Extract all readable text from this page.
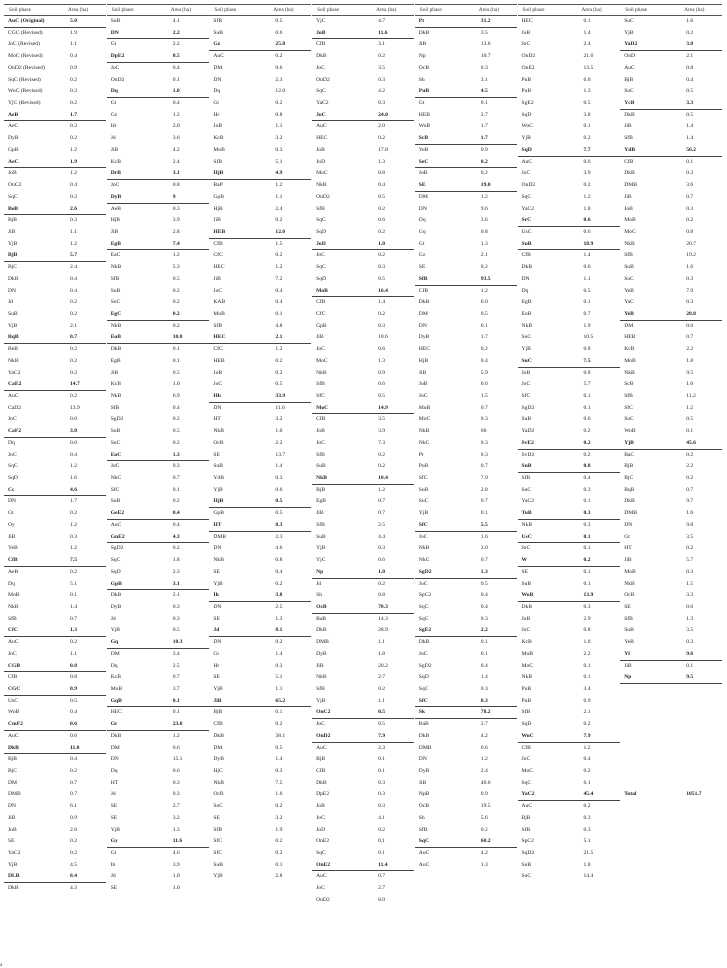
Soil phase	Area (ha)
AuC (Original)	5.0
CGC (Revised)	1.9
JoC (Revised)	1.1
MoC (Revised)	0.4
OnD2 (Revised)	0.9
SqC (Revised)	0.2
WoC (Revised)	0.3
YjC (Revised)	0.2
AeB	1.7
AeC	0.3
DyB	0.2
GpB	1.2
AeC	1.9
JoB	1.2
OnC2	0.4
SqC	0.3
BeB	2.6
BjB	0.3
JiB	1.1
YjB	1.2
BjB	5.7
BjC	2.4
DkB	0.4
DN	0.4
Jd	0.2
SuB	0.2
YjB	2.1
BqB	0.7
BeB	0.2
NkB	0.2
YaC2	0.3
CaE2	14.7
AuC	0.2
CaD2	13.9
JoC	0.6
CaF2	3.8
Dq	0.6
JoC	0.4
SqC	1.2
SqD	1.6
Cc	4.6
DN	1.7
Gt	0.2
Oy	1.2
JiB	0.3
YeB	1.2
CfB	7.5
AeB	0.2
Dq	5.1
MoB	0.1
NkB	1.4
SfB	0.7
CfC	1.3
AuC	0.2
JoC	1.1
CGB	0.8
CfB	0.8
CGC	0.9
UsC	0.5
WoB	0.4
CmF2	0.6
AuC	0.6
DkB	11.0
BjB	0.4
BjC	0.2
DM	0.7
DMB	0.7
DN	6.1
JiB	0.9
JoB	2.6
SE	0.2
YaC2	0.2
YjB	4.5
DLB	8.4
DkB	4.3
Soil phase	Area (ha)
SuB	4.1
DN	2.2
Gt	2.2
DpE2	0.5
JoC	0.4
OnD2	0.1
Dq	1.0
Gt	0.4
Gz	1.2
Hr	2.0
Jd	3.6
JiB	4.2
KcB	2.4
DrB	3.1
JoC	0.8
DyB	9
AeB	0.3
HjB	3.9
JiB	2.8
EgB	7.4
EaC	1.2
NkB	5.3
SfB	0.5
SuB	0.2
SuC	0.2
EgC	0.2
NkB	0.2
EoB	10.8
DkB	0.1
EgB	0.1
JiB	0.5
KcB	1.0
NkB	6.9
SfB	0.4
SgD2	0.2
SuB	0.5
SuC	0.2
EoC	1.3
JoC	0.3
NkC	0.7
SfC	0.1
SuB	0.2
GeE2	0.4
AuC	0.4
GnE2	4.3
SgD2	0.2
SqC	1.8
SqD	2.3
GpB	3.1
DkB	2.1
DyB	0.3
Jd	0.3
YjB	0.5
Gq	10.3
DM	3.4
Dq	2.5
KcB	0.7
MoB	3.7
GqB	0.1
HEC	0.1
Gt	23.0
DkB	1.2
DM	0.6
DN	15.1
Dq	0.6
HT	0.3
Jd	0.3
SE	2.7
SE	3.2
YjB	1.3
Gy	11.6
Gt	4.6
Ih	3.9
Jd	1.0
SE	1.0
Soil phase	Area (ha)
SfB	0.5
SuB	0.6
Gz	25.8
AuC	0.2
DM	0.6
DN	2.3
Dq	12.0
Gt	0.2
Hr	0.8
JoB	1.1
KcB	3.2
MoB	0.3
SfB	5.1
HjB	4.9
BaP	1.2
GpB	1.1
HjB	2.4
JiB	0.2
HEB	12.6
CfB	1.5
CfC	0.2
HEC	1.2
JiB	7.2
JoC	0.4
KAB	0.4
MoB	0.1
SfB	4.8
HEC	2.1
CfC	1.2
HEB	0.2
JoB	0.2
JoC	0.5
Hh	33.9
DN	11.6
HT	3.2
NkB	1.0
OcB	2.2
SE	13.7
SuB	1.4
YdB	0.3
YjB	0.6
HjB	0.5
GpB	0.5
HT	8.3
DMB	2.3
DN	4.6
NkB	0.8
SE	0.4
YjB	0.2
Ih	3.8
DN	2.5
SE	1.3
Jd	8.1
DN	0.2
Gt	1.4
Hr	0.3
SE	5.1
YjB	1.1
JiB	65.2
BjB	0.1
CfB	0.2
DkB	38.1
DM	0.5
DyB	1.4
HjC	0.3
NkB	7.5
OcB	1.6
SoC	0.2
SE	3.2
SfB	1.9
SfC	0.2
SfC	0.2
SuB	0.1
YjB	2.8
Soil phase	Area (ha)
YjC	4.7
JoB	11.6
CfB	3.1
DkB	0.2
JoC	3.5
OnD2	0.3
SqC	4.2
YaC2	0.3
JoC	24.0
AuC	2.0
HEC	0.2
JoB	17.8
JoD	1.3
MoC	0.8
NkB	0.4
OnD2	0.5
SfB	0.2
SqC	0.6
SqD	0.2
JoD	1.0
JoC	0.2
SqC	0.3
SqD	0.5
MoB	16.4
CfB	1.4
CfC	0.2
GpB	0.3
JiB	10.6
JoC	0.6
MoC	1.3
NkB	0.9
SfB	0.6
SfC	0.5
MoC	14.9
CfB	3.5
JoB	3.9
JoC	7.3
SfB	0.2
SuB	0.2
NkB	10.4
BjB	1.2
EgB	0.7
JiB	0.7
SfB	2.5
SuB	4.4
YjB	0.3
YjC	0.6
Np	1.0
Jd	0.2
Sh	0.8
OcB	70.3
BaB	14.3
DkB	28.9
DMB	1.1
DyB	1.8
JiB	20.2
NkB	2.7
SfB	0.2
YjB	1.1
OnC2	0.5
JoC	0.5
OnD2	7.9
AuC	2.3
BjB	0.1
CfB	0.1
DkB	0.3
DpE2	0.3
JoB	0.3
JoC	4.1
JoD	0.2
OnE2	0.1
SqC	0.1
OnE2	11.4
AuC	0.7
JoC	2.7
OnD2	8.0
Soil phase	Area (ha)
Pt	31.2
DkB	3.5
JiB	13.6
Np	10.7
OcB	0.3
Sh	3.1
PuB	4.5
Gt	0.1
HEB	2.7
WoB	1.7
ScB	1.7
YeB	0.9
SeC	0.2
JoB	0.2
SE	19.0
DM	1.2
DN	9.6
Dq	3.6
Gq	0.8
Gt	1.3
Gz	2.1
SE	0.2
SfB	93.5
CfB	1.2
DkB	6.0
DM	0.5
DN	0.1
DyB	1.7
HEC	0.2
HjB	0.4
JiB	5.9
JoB	0.6
JoC	1.5
MoB	0.7
MoC	0.3
NkB	60
NkC	0.3
Pt	0.3
PuB	0.7
SfC	7.9
SuB	2.8
SuC	0.7
YjB	0.1
SfC	5.5
JoC	1.6
NkB	3.0
NkC	0.7
SgD2	1.3
JoC	0.5
SpC2	0.4
SqC	0.4
SqC	0.3
SgE2	2.2
DkB	0.1
JoC	0.1
SgD2	0.4
SqD	1.4
SqC	0.3
SfC	0.3
Sk	78.2
BaB	2.7
DkB	4.2
DMB	0.6
DN	1.2
DyB	2.4
JiB	40.6
NpB	0.9
OcB	19.5
Sh	5.6
SfB	0.2
SqC	60.2
AuC	4.2
AuC	1.3
Soil phase	Area (ha)
HEC	0.1
JoB	1.4
JoC	2.4
OnD2	21.6
OnE2	13.5
PuB	6.0
PuB	1.3
SgE2	0.5
SqD	3.8
WoC	0.1
YjB	0.2
SqD	7.7
AuC	0.6
JoC	3.9
OnD2	0.2
SqC	1.2
YaC2	1.8
SrC	0.6
UsC	0.6
SuB	18.9
CfB	1.4
DkB	0.6
DN	1.1
Dq	0.5
EgB	0.1
EoB	0.7
NkB	1.9
SuC	10.5
YjB	0.8
SuC	7.5
JoB	0.8
JoC	5.7
SfC	0.1
SgD2	0.1
SuB	0.6
YaD2	0.2
SvE2	0.2
SvD2	0.2
SuB	0.8
SfB	0.4
SuC	0.3
YaC2	0.1
TuB	0.3
NkB	0.3
UsC	0.1
JoC	0.1
W	0.2
SE	0.1
SuB	0.1
WoB	13.9
DkB	0.3
JoB	2.9
JoC	0.8
KcB	1.0
MoB	2.2
MoC	0.1
NkB	0.1
PuB	3.4
PuB	0.9
SfB	2.1
SqD	0.2
WoC	7.9
CfB	1.2
JoC	0.4
MoC	0.2
SqC	6.1
YaC2	45.4
AuC	0.2
BjB	0.3
SfB	0.3
SpC2	5.1
SqD2	21.5
SuB	1.8
SuC	14.4
Soil phase	Area (ha)
SuC	1.6
YjB	0.2
YaD2	3.8
OnD	2.1
AuC	0.8
BjB	0.4
SuC	0.5
YcB	3.3
DkB	0.5
JiB	1.4
SfB	1.4
YdB	56.2
CfB	0.1
DkB	0.3
DMB	3.6
JiB	0.7
JoB	0.3
MoB	0.2
MoC	0.8
NkB	20.7
SfB	19.2
SuB	1.6
SuC	0.3
YeB	7.9
YaC	0.3
YeB	28.8
DM	0.6
HEB	0.7
KcB	2.2
MoB	1.8
NkB	9.5
ScB	1.0
SfB	11.2
SfC	1.2
SuC	0.5
WoB	0.1
YjB	45.6
BaC	0.2
BjB	2.2
BjC	0.2
BqB	0.7
DkB	9.7
DMB	1.6
DN	9.8
Gt	3.5
HT	0.2
JiB	5.7
MoB	0.3
NkB	1.5
OcB	3.3
SE	0.6
SfB	1.3
SuB	3.5
YeB	0.3
Yl	9.6
JiB	0.1
Np	9.5
Total	1051.7
a
